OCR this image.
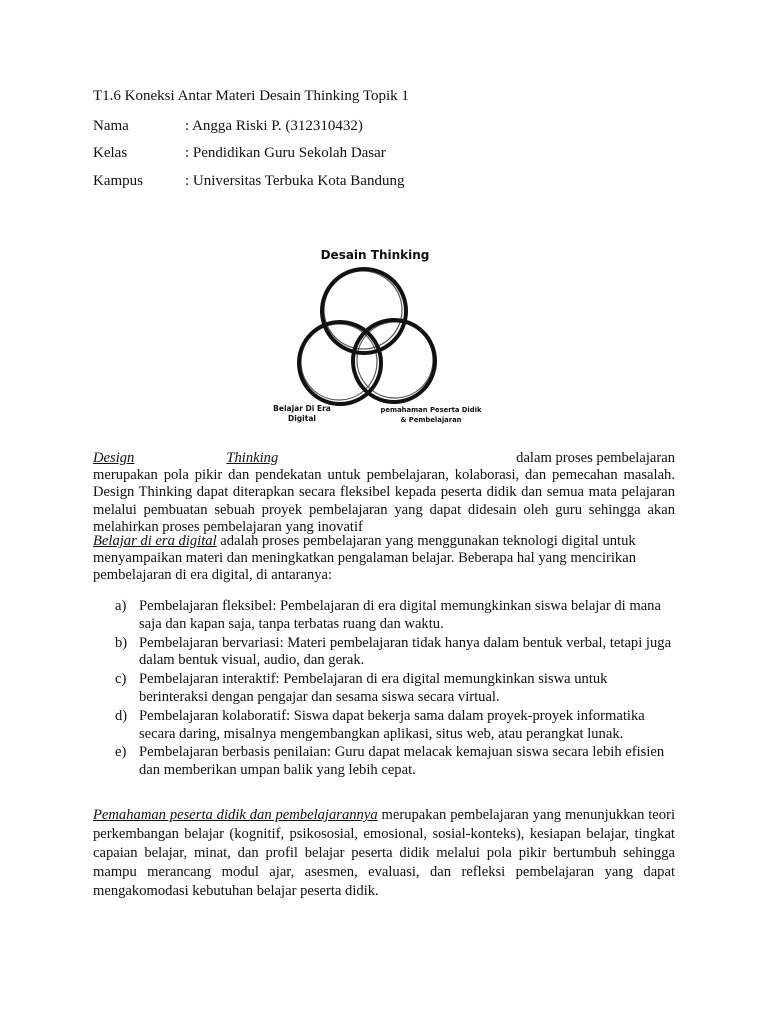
T1.6 Koneksi Antar Materi Desain Thinking Topik 1
Nama	: Angga Riski P. (312310432)
Kelas	: Pendidikan Guru Sekolah Dasar
Kampus	: Universitas Terbuka Kota Bandung
Desain Thinking
Belajar Di Era
Digital
pemahaman Peserta Didik
& Pembelajaran
Design	Thinking	dalam proses pembelajaran
merupakan pola pikir dan pendekatan untuk pembelajaran, kolaborasi, dan pemecahan masalah. Design Thinking dapat diterapkan secara fleksibel kepada peserta didik dan semua mata pelajaran melalui pembuatan sebuah proyek pembelajaran yang dapat didesain oleh guru sehingga akan melahirkan proses pembelajaran yang inovatif
Belajar di era digital adalah proses pembelajaran yang menggunakan teknologi digital untuk menyampaikan materi dan meningkatkan pengalaman belajar. Beberapa hal yang mencirikan pembelajaran di era digital, di antaranya:
a) Pembelajaran fleksibel: Pembelajaran di era digital memungkinkan siswa belajar di mana saja dan kapan saja, tanpa terbatas ruang dan waktu.
b) Pembelajaran bervariasi: Materi pembelajaran tidak hanya dalam bentuk verbal, tetapi juga dalam bentuk visual, audio, dan gerak.
c) Pembelajaran interaktif: Pembelajaran di era digital memungkinkan siswa untuk berinteraksi dengan pengajar dan sesama siswa secara virtual.
d) Pembelajaran kolaboratif: Siswa dapat bekerja sama dalam proyek-proyek informatika secara daring, misalnya mengembangkan aplikasi, situs web, atau perangkat lunak.
e) Pembelajaran berbasis penilaian: Guru dapat melacak kemajuan siswa secara lebih efisien dan memberikan umpan balik yang lebih cepat.
Pemahaman peserta didik dan pembelajarannya merupakan pembelajaran yang menunjukkan teori perkembangan belajar (kognitif, psikososial, emosional, sosial-konteks), kesiapan belajar, tingkat capaian belajar, minat, dan profil belajar peserta didik melalui pola pikir bertumbuh sehingga mampu merancang modul ajar, asesmen, evaluasi, dan refleksi pembelajaran yang dapat mengakomodasi kebutuhan belajar peserta didik.
